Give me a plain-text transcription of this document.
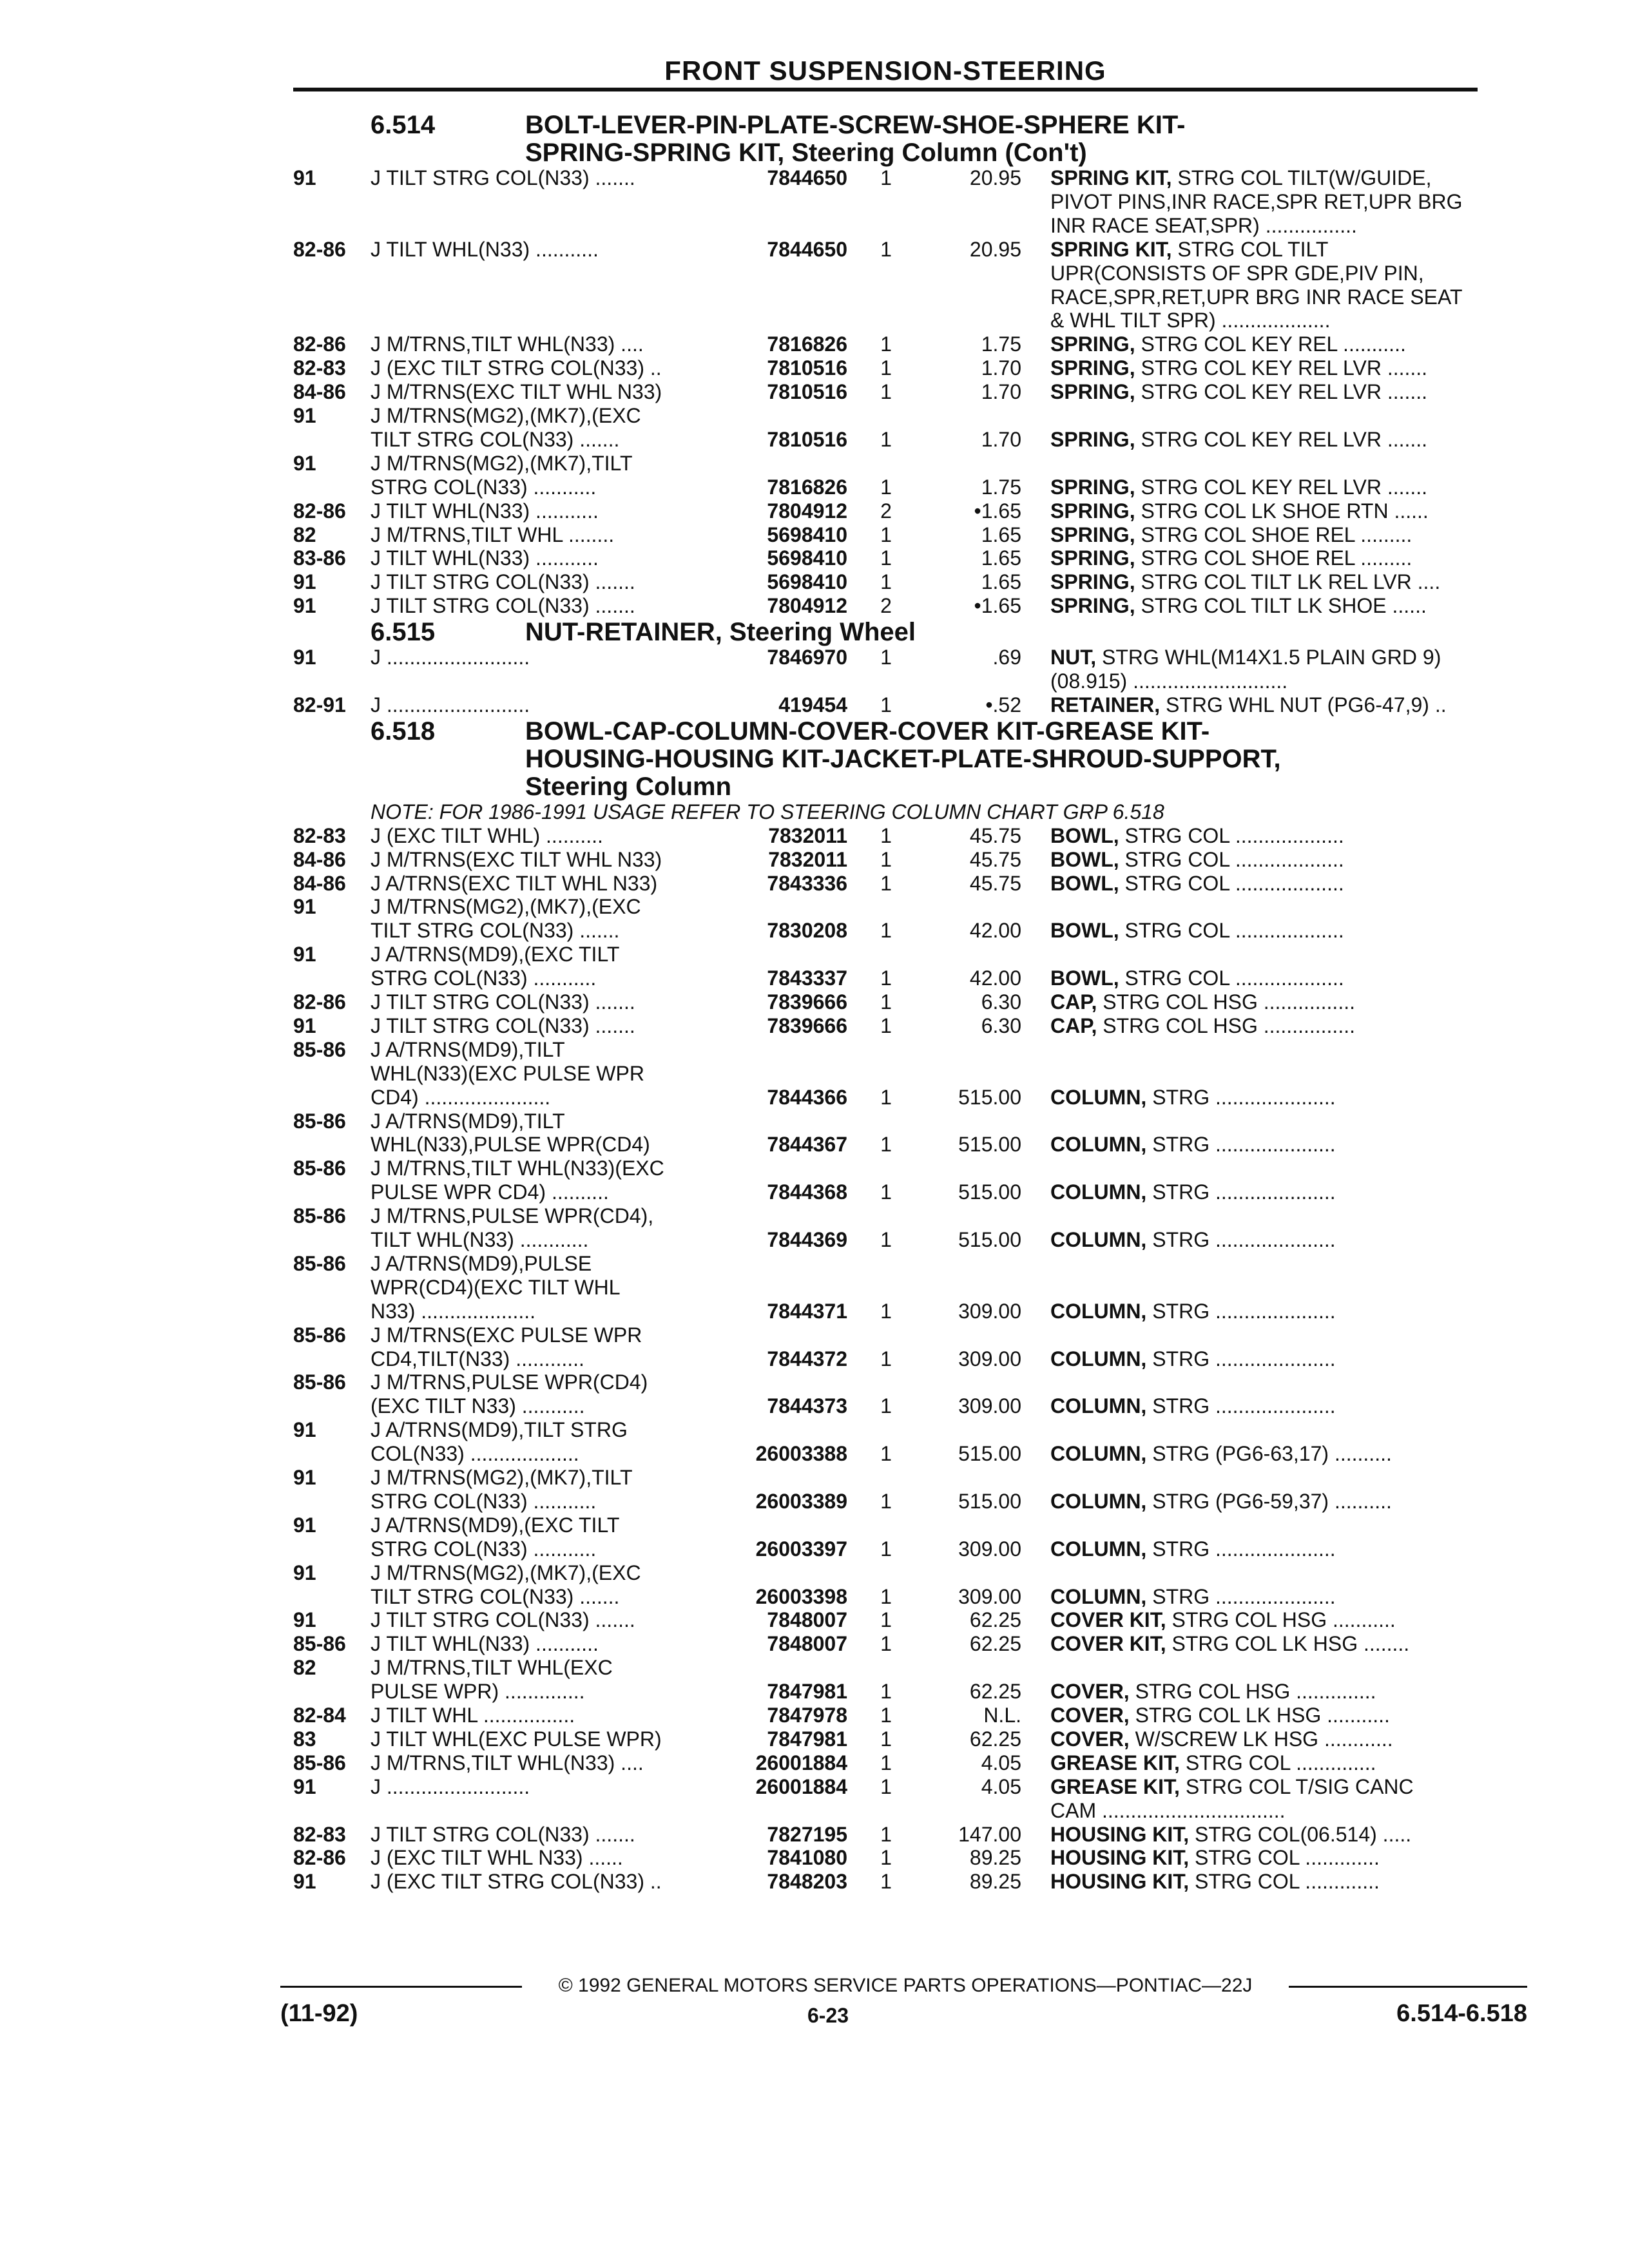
FRONT SUSPENSION-STEERING
6.514	BOLT-LEVER-PIN-PLATE-SCREW-SHOE-SPHERE KIT-
SPRING-SPRING KIT, Steering Column (Con't)
91	J TILT STRG COL(N33) .......	7844650 1	20.95 SPRING KIT, STRG COL TILT(W/GUIDE,
PIVOT PINS,INR RACE,SPR RET,UPR BRG
INR RACE SEAT,SPR) ................
82-86 J TILT WHL(N33) ...........	7844650 1	20.95 SPRING KIT, STRG COL TILT
UPR(CONSISTS OF SPR GDE,PIV PIN,
RACE,SPR,RET,UPR BRG INR RACE SEAT
& WHL TILT SPR) ...................
82-86 J M/TRNS,TILT WHL(N33) ....	7816826 1	1.75 SPRING, STRG COL KEY REL ...........
82-83 J (EXC TILT STRG COL(N33) ..	7810516 1	1.70 SPRING, STRG COL KEY REL LVR .......
84-86 J M/TRNS(EXC TILT WHL N33)	7810516 1	1.70 SPRING, STRG COL KEY REL LVR .......
91	J M/TRNS(MG2),(MK7),(EXC
TILT STRG COL(N33) .......	7810516 1	1.70 SPRING, STRG COL KEY REL LVR .......
91	J M/TRNS(MG2),(MK7),TILT
STRG COL(N33) ...........	7816826 1	1.75 SPRING, STRG COL KEY REL LVR .......
82-86 J TILT WHL(N33) ...........	7804912 2	•1.65 SPRING, STRG COL LK SHOE RTN ......
82	J M/TRNS,TILT WHL ........	5698410 1	1.65 SPRING, STRG COL SHOE REL .........
83-86 J TILT WHL(N33) ...........	5698410 1	1.65 SPRING, STRG COL SHOE REL .........
91	J TILT STRG COL(N33) .......	5698410 1	1.65 SPRING, STRG COL TILT LK REL LVR ....
91	J TILT STRG COL(N33) .......	7804912 2	•1.65 SPRING, STRG COL TILT LK SHOE ......
6.515	NUT-RETAINER, Steering Wheel
91	J .........................	7846970 1	.69 NUT, STRG WHL(M14X1.5 PLAIN GRD 9)
(08.915) ...........................
82-91 J .........................	419454 1	•.52 RETAINER, STRG WHL NUT (PG6-47,9) ..
6.518	BOWL-CAP-COLUMN-COVER-COVER KIT-GREASE KIT-
HOUSING-HOUSING KIT-JACKET-PLATE-SHROUD-SUPPORT,
Steering Column
NOTE: FOR 1986-1991 USAGE REFER TO STEERING COLUMN CHART GRP 6.518
82-83 J (EXC TILT WHL) ..........	7832011 1	45.75 BOWL, STRG COL ...................
84-86 J M/TRNS(EXC TILT WHL N33)	7832011 1	45.75 BOWL, STRG COL ...................
84-86 J A/TRNS(EXC TILT WHL N33)	7843336 1	45.75 BOWL, STRG COL ...................
91	J M/TRNS(MG2),(MK7),(EXC
TILT STRG COL(N33) .......	7830208 1	42.00 BOWL, STRG COL ...................
91	J A/TRNS(MD9),(EXC TILT
STRG COL(N33) ...........	7843337 1	42.00 BOWL, STRG COL ...................
82-86 J TILT STRG COL(N33) .......	7839666 1	6.30 CAP, STRG COL HSG ................
91	J TILT STRG COL(N33) .......	7839666 1	6.30 CAP, STRG COL HSG ................
85-86 J A/TRNS(MD9),TILT
WHL(N33)(EXC PULSE WPR
CD4) ......................	7844366 1	515.00 COLUMN, STRG .....................
85-86 J A/TRNS(MD9),TILT
WHL(N33),PULSE WPR(CD4)	7844367 1	515.00 COLUMN, STRG .....................
85-86 J M/TRNS,TILT WHL(N33)(EXC
PULSE WPR CD4) ..........	7844368 1	515.00 COLUMN, STRG .....................
85-86 J M/TRNS,PULSE WPR(CD4),
TILT WHL(N33) ............	7844369 1	515.00 COLUMN, STRG .....................
85-86 J A/TRNS(MD9),PULSE
WPR(CD4)(EXC TILT WHL
N33) ....................	7844371 1	309.00 COLUMN, STRG .....................
85-86 J M/TRNS(EXC PULSE WPR
CD4,TILT(N33) ............	7844372 1	309.00 COLUMN, STRG .....................
85-86 J M/TRNS,PULSE WPR(CD4)
(EXC TILT N33) ...........	7844373 1	309.00 COLUMN, STRG .....................
91	J A/TRNS(MD9),TILT STRG
COL(N33) ...................	26003388 1	515.00 COLUMN, STRG (PG6-63,17) ..........
91	J M/TRNS(MG2),(MK7),TILT
STRG COL(N33) ...........	26003389 1	515.00 COLUMN, STRG (PG6-59,37) ..........
91	J A/TRNS(MD9),(EXC TILT
STRG COL(N33) ...........	26003397 1	309.00 COLUMN, STRG .....................
91	J M/TRNS(MG2),(MK7),(EXC
TILT STRG COL(N33) .......	26003398 1	309.00 COLUMN, STRG .....................
91	J TILT STRG COL(N33) .......	7848007 1	62.25 COVER KIT, STRG COL HSG ...........
85-86 J TILT WHL(N33) ...........	7848007 1	62.25 COVER KIT, STRG COL LK HSG ........
82	J M/TRNS,TILT WHL(EXC
PULSE WPR) ..............	7847981 1	62.25 COVER, STRG COL HSG ..............
82-84 J TILT WHL ................	7847978 1	N.L. COVER, STRG COL LK HSG ...........
83	J TILT WHL(EXC PULSE WPR)	7847981 1	62.25 COVER, W/SCREW LK HSG ............
85-86 J M/TRNS,TILT WHL(N33) ....	26001884 1	4.05 GREASE KIT, STRG COL ..............
91	J .........................	26001884 1	4.05 GREASE KIT, STRG COL T/SIG CANC
CAM ................................
82-83 J TILT STRG COL(N33) .......	7827195 1	147.00 HOUSING KIT, STRG COL(06.514) .....
82-86 J (EXC TILT WHL N33) ......	7841080 1	89.25 HOUSING KIT, STRG COL .............
91	J (EXC TILT STRG COL(N33) ..	7848203 1	89.25 HOUSING KIT, STRG COL .............
© 1992 GENERAL MOTORS SERVICE PARTS OPERATIONS—PONTIAC—22J
(11-92)	6-23	6.514-6.518
